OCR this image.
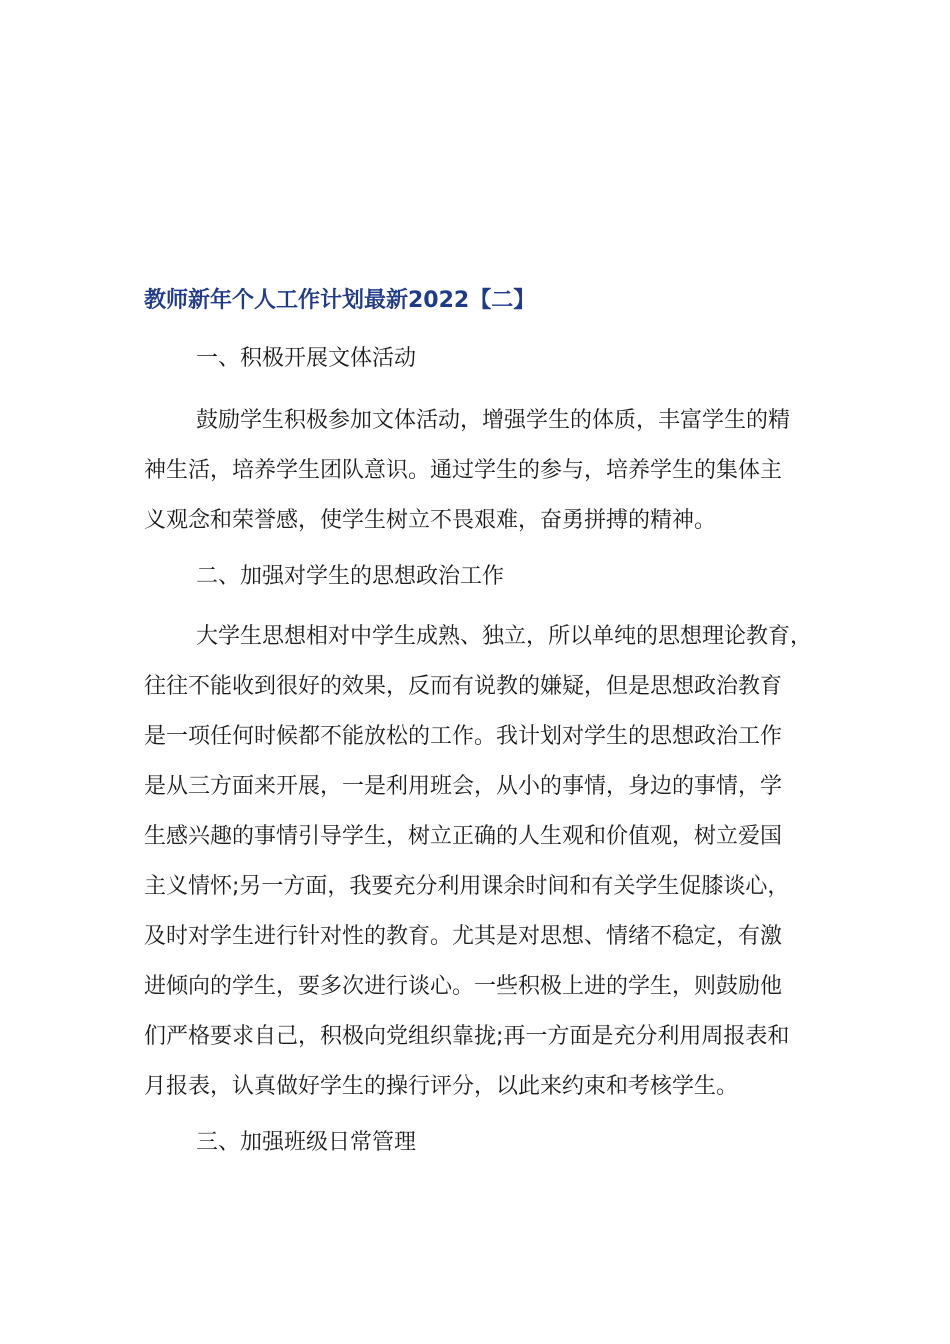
教师新年个人工作计划最新2022【二】
一、积极开展文体活动
鼓励学生积极参加文体活动，增强学生的体质，丰富学生的精
神生活，培养学生团队意识。通过学生的参与，培养学生的集体主
义观念和荣誉感，使学生树立不畏艰难，奋勇拼搏的精神。
二、加强对学生的思想政治工作
大学生思想相对中学生成熟、独立，所以单纯的思想理论教育，
往往不能收到很好的效果，反而有说教的嫌疑，但是思想政治教育
是一项任何时候都不能放松的工作。我计划对学生的思想政治工作
是从三方面来开展，一是利用班会，从小的事情，身边的事情，学
生感兴趣的事情引导学生，树立正确的人生观和价值观，树立爱国
主义情怀;另一方面，我要充分利用课余时间和有关学生促膝谈心，
及时对学生进行针对性的教育。尤其是对思想、情绪不稳定，有激
进倾向的学生，要多次进行谈心。一些积极上进的学生，则鼓励他
们严格要求自己，积极向党组织靠拢;再一方面是充分利用周报表和
月报表，认真做好学生的操行评分，以此来约束和考核学生。
三、加强班级日常管理
